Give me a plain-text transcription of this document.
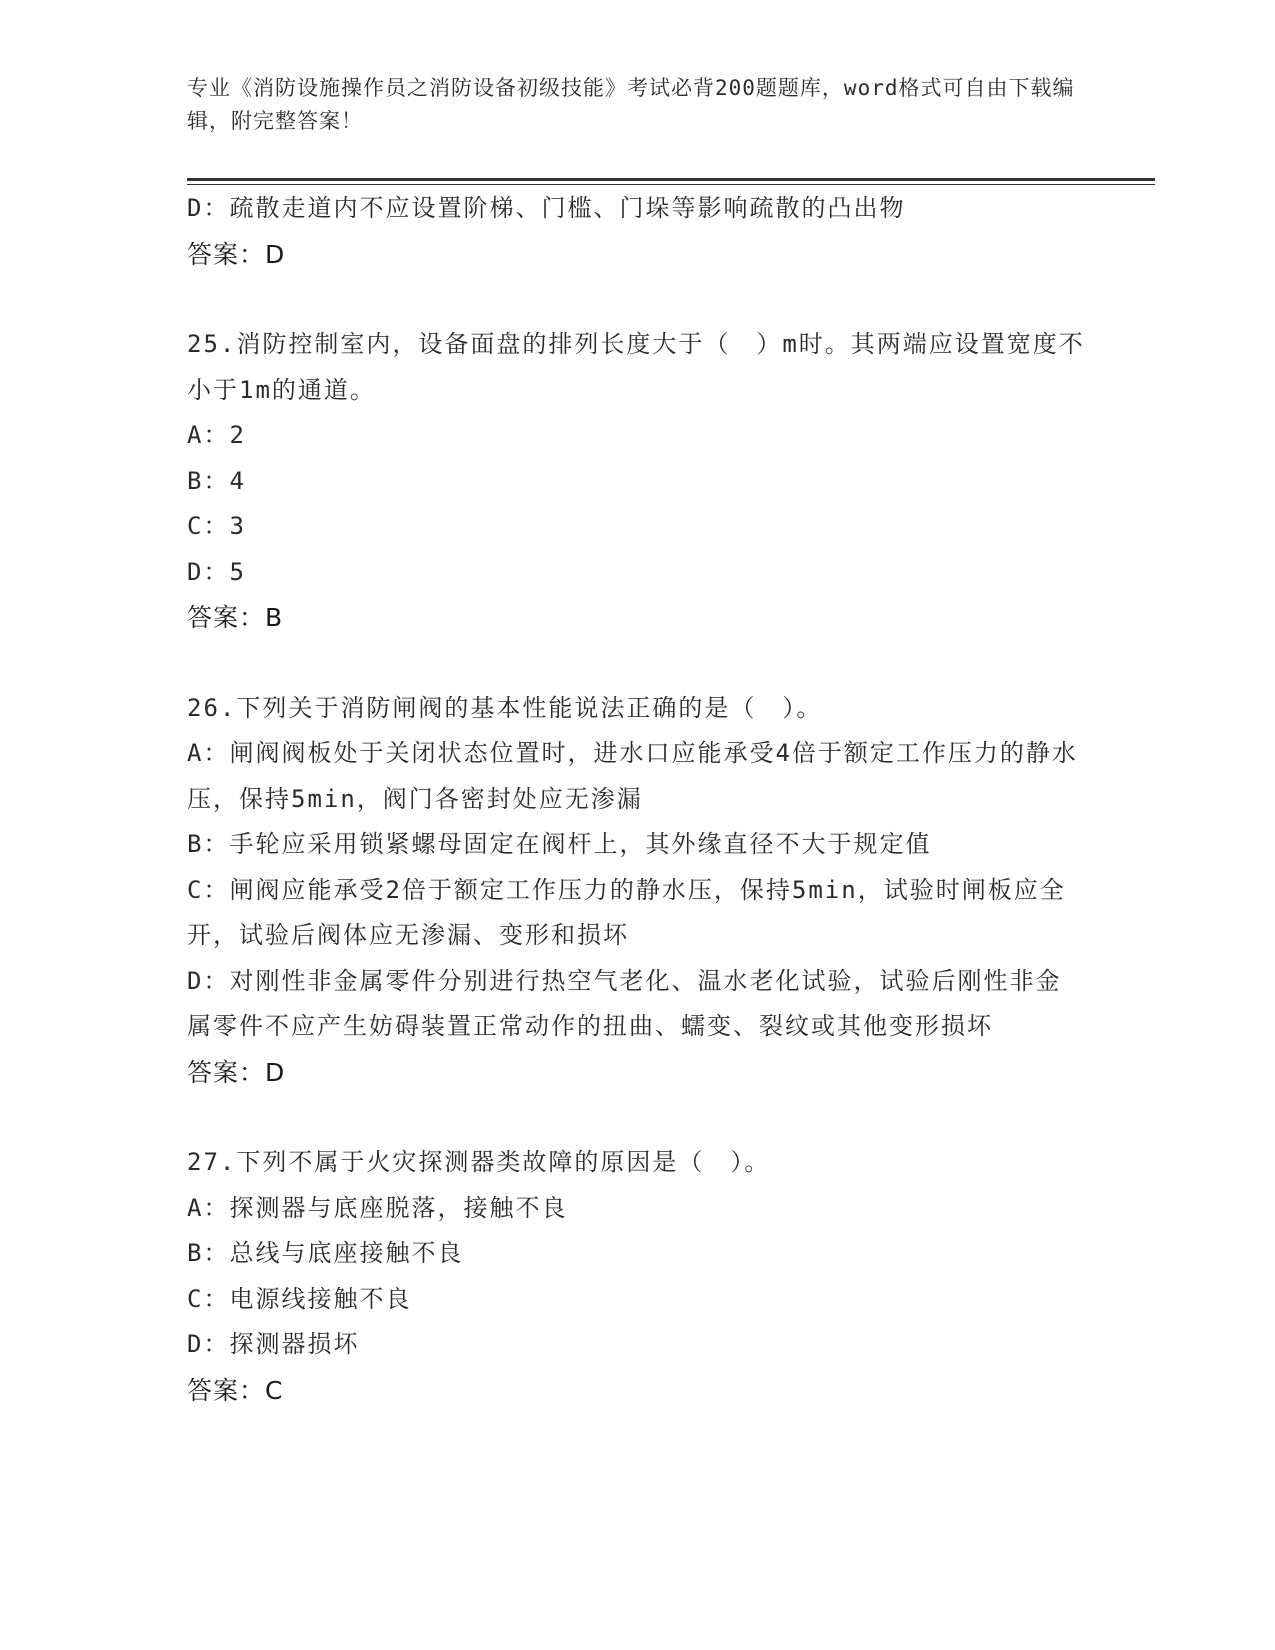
专业《消防设施操作员之消防设备初级技能》考试必背200题题库，word格式可自由下载编辑，附完整答案！
D：疏散走道内不应设置阶梯、门槛、门垛等影响疏散的凸出物
答案：D
25.消防控制室内，设备面盘的排列长度大于（　）m时。其两端应设置宽度不小于1m的通道。
A：2
B：4
C：3
D：5
答案：B
26.下列关于消防闸阀的基本性能说法正确的是（　）。
A：闸阀阀板处于关闭状态位置时，进水口应能承受4倍于额定工作压力的静水压，保持5min，阀门各密封处应无渗漏
B：手轮应采用锁紧螺母固定在阀杆上，其外缘直径不大于规定值
C：闸阀应能承受2倍于额定工作压力的静水压，保持5min，试验时闸板应全开，试验后阀体应无渗漏、变形和损坏
D：对刚性非金属零件分别进行热空气老化、温水老化试验，试验后刚性非金属零件不应产生妨碍装置正常动作的扭曲、蠕变、裂纹或其他变形损坏
答案：D
27.下列不属于火灾探测器类故障的原因是（　）。
A：探测器与底座脱落，接触不良
B：总线与底座接触不良
C：电源线接触不良
D：探测器损坏
答案：C
